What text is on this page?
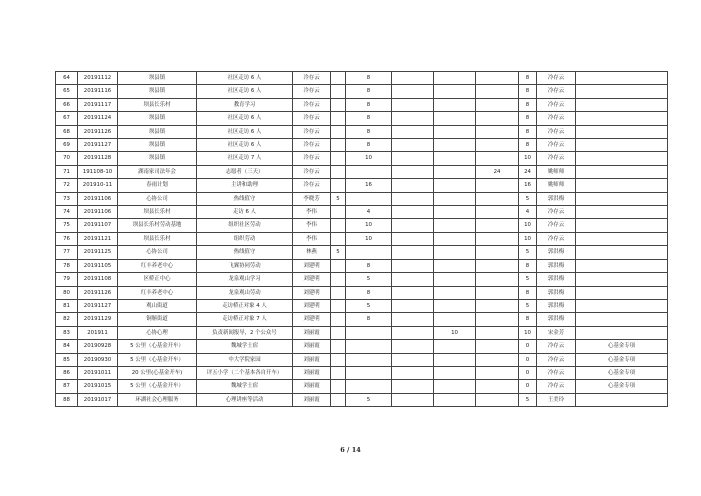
64	20191112	坝县镇	社区走访 6 人	冷存云		8				8	冷存云	
65	20191116	坝县镇	社区走访 6 人	冷存云		8				8	冷存云	
66	20191117	坝县长乐村	教育学习	冷存云		8				8	冷存云	
67	20191124	坝县镇	社区走访 6 人	冷存云		8				8	冷存云	
68	20191126	坝县镇	社区走访 6 人	冷存云		8				8	冷存云	
69	20191127	坝县镇	社区走访 6 人	冷存云		8				8	冷存云	
70	20191128	坝县镇	社区走访 7 人	冷存云		10				10	冷存云	
71	191108-10	湖南家司法年会	志愿者（三天）	冷存云					24	24	姚师师	
72	201910-11	春雨计划	主讲和助理	冷存云		16				16	姚师师	
73	20191106	心协公司	热线值守	李晓芳	5					5	郭洪梅	
74	20191106	坝县长乐村	走访 6 人	李伟		4				4	冷存云	
75	20191107	坝县长乐村劳动基地	组织社区劳动	李伟		10				10	冷存云	
76	20191121	坝县长乐村	组织劳动	李伟		10				10	冷存云	
77	20191125	心协公司	热线值守	林燕	5					5	郭洪梅	
78	20191105	红丰养老中心	飞翼协同劳动	刘建明		8				8	郭洪梅	
79	20191108	区桥正中心	龙泉观山学习	刘建明		5				5	郭洪梅	
80	20191126	红丰养老中心	龙泉观山劳动	刘建明		8				8	郭洪梅	
81	20191127	观山街道	走访桥正对象 4 人	刘建明		5				5	郭洪梅	
82	20191129	铜斛街道	走访桥正对象 7 人	刘建明		8				8	郭洪梅	
83	201911	心协心理	负责新闻报导，2 个公众号	刘丽霞				10		10	宋金芳	
84	20190928	5 公里（心基金开车）	魏城学士宿	刘丽霞						0	冷存云	心基金专项
85	20190930	5 公里（心基金开车）	中大学院家园	刘丽霞						0	冷存云	心基金专项
86	20191011	20 公里(心基金开车)	评五小学（二个基本各自开车）	刘丽霞						0	冷存云	心基金专项
87	20191015	5 公里（心基金开车）	魏城学士宿	刘丽霞						0	冷存云	心基金专项
88	20191017	环湖社会心理服务	心理讲座等活动	刘丽霞		5				5	王美玲	
6 / 14
